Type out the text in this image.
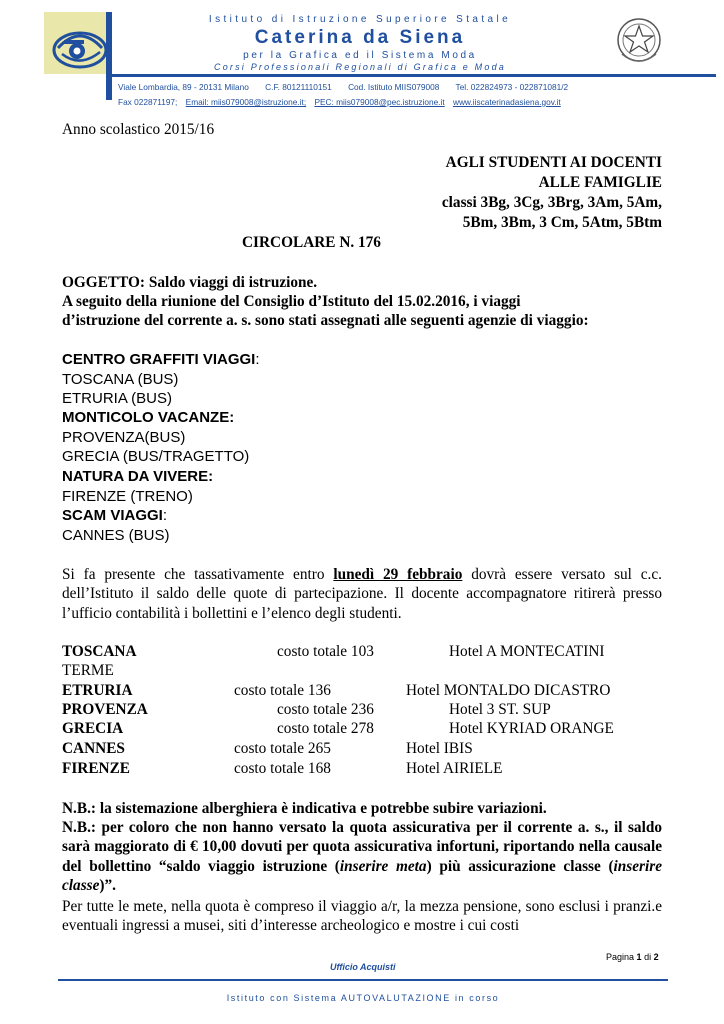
Istituto di Istruzione Superiore Statale
Caterina da Siena
per la Grafica ed il Sistema Moda
Corsi Professionali Regionali di Grafica e Moda
Viale Lombardia, 89 - 20131 Milano C.F. 80121110151 Cod. Istituto MIIS079008 Tel. 022824973 - 022871081/2
Fax 022871197; Email: miis079008@istruzione.it; PEC: miis079008@pec.istruzione.it www.iiscaterinadasiena.gov.it
Anno scolastico 2015/16
AGLI STUDENTI AI DOCENTI
ALLE FAMIGLIE
classi 3Bg, 3Cg, 3Brg, 3Am, 5Am,
5Bm, 3Bm, 3 Cm, 5Atm, 5Btm
CIRCOLARE N. 176
OGGETTO: Saldo viaggi di istruzione.
A seguito della riunione del Consiglio d’Istituto del 15.02.2016, i viaggi
d’istruzione del corrente a. s. sono stati assegnati alle seguenti agenzie di viaggio:
CENTRO GRAFFITI VIAGGI:
TOSCANA (BUS)
ETRURIA (BUS)
MONTICOLO VACANZE:
PROVENZA(BUS)
GRECIA (BUS/TRAGETTO)
NATURA DA VIVERE:
FIRENZE (TRENO)
SCAM VIAGGI:
CANNES (BUS)
Si fa presente che tassativamente entro lunedì 29 febbraio dovrà essere versato sul c.c. dell’Istituto il saldo delle quote di partecipazione. Il docente accompagnatore ritirerà presso l’ufficio contabilità i bollettini e l’elenco degli studenti.
TOSCANA	costo totale 103	Hotel A MONTECATINI
TERME
ETRURIA	costo totale 136	Hotel MONTALDO DICASTRO
PROVENZA	costo totale 236	Hotel 3 ST. SUP
GRECIA	costo totale 278	Hotel KYRIAD ORANGE
CANNES	costo totale 265	Hotel IBIS
FIRENZE	costo totale 168	Hotel AIRIELE
N.B.: la sistemazione alberghiera è indicativa e potrebbe subire variazioni.
N.B.: per coloro che non hanno versato la quota assicurativa per il corrente a. s., il saldo sarà maggiorato di € 10,00 dovuti per quota assicurativa infortuni, riportando nella causale del bollettino “saldo viaggio istruzione (inserire meta) più assicurazione classe (inserire classe)”.
Per tutte le mete, nella quota è compreso il viaggio a/r, la mezza pensione, sono esclusi i pranzi.e eventuali ingressi a musei, siti d’interesse archeologico e mostre i cui costi
Pagina 1 di 2
Ufficio Acquisti
Istituto con Sistema AUTOVALUTAZIONE in corso
